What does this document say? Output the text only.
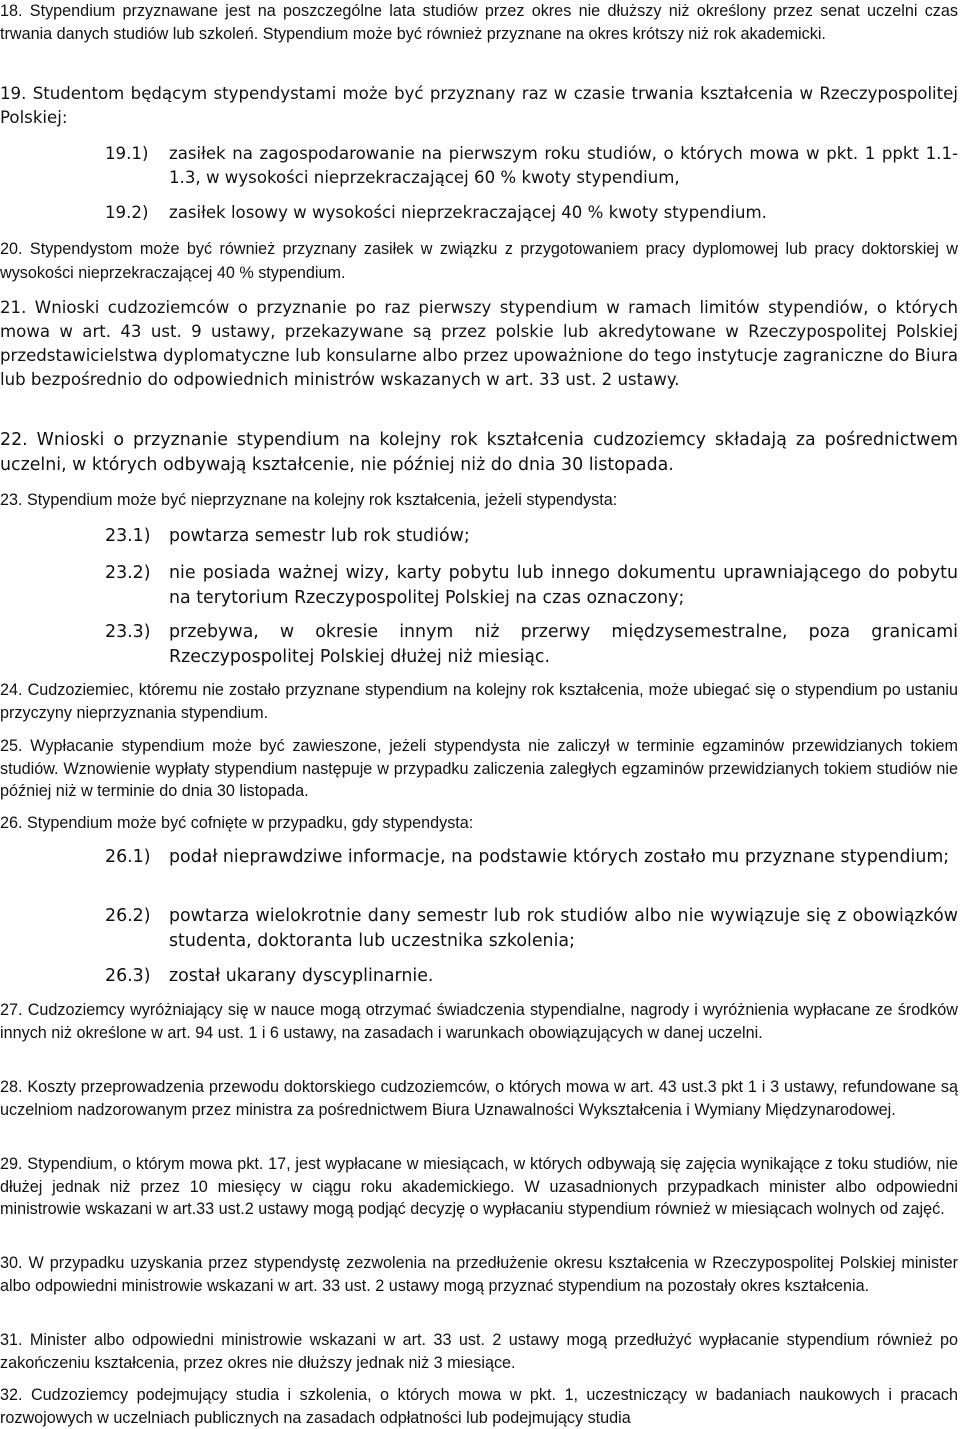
18. Stypendium przyznawane jest na poszczególne lata studiów przez okres nie dłuższy niż określony przez senat uczelni czas trwania danych studiów lub szkoleń. Stypendium może być również przyznane na okres krótszy niż rok akademicki.

19. Studentom będącym stypendystami może być przyznany raz w czasie trwania kształcenia w Rzeczypospolitej Polskiej:

19.1) zasiłek na zagospodarowanie na pierwszym roku studiów, o których mowa w pkt. 1 ppkt 1.1-1.3, w wysokości nieprzekraczającej 60 % kwoty stypendium,
19.2) zasiłek losowy w wysokości nieprzekraczającej 40 % kwoty stypendium.

20. Stypendystom może być również przyznany zasiłek w związku z przygotowaniem pracy dyplomowej lub pracy doktorskiej w wysokości nieprzekraczającej 40 % stypendium.

21. Wnioski cudzoziemców o przyznanie po raz pierwszy stypendium w ramach limitów stypendiów, o których mowa w art. 43 ust. 9 ustawy, przekazywane są przez polskie lub akredytowane w Rzeczypospolitej Polskiej przedstawicielstwa dyplomatyczne lub konsularne albo przez upoważnione do tego instytucje zagraniczne do Biura lub bezpośrednio do odpowiednich ministrów wskazanych w art. 33 ust. 2 ustawy.

22. Wnioski o przyznanie stypendium na kolejny rok kształcenia cudzoziemcy składają za pośrednictwem uczelni, w których odbywają kształcenie, nie później niż do dnia 30 listopada.

23. Stypendium może być nieprzyznane na kolejny rok kształcenia, jeżeli stypendysta:

23.1) powtarza semestr lub rok studiów;
23.2) nie posiada ważnej wizy, karty pobytu lub innego dokumentu uprawniającego do pobytu na terytorium Rzeczypospolitej Polskiej na czas oznaczony;
23.3) przebywa, w okresie innym niż przerwy międzysemestralne, poza granicami Rzeczypospolitej Polskiej dłużej niż miesiąc.

24. Cudzoziemiec, któremu nie zostało przyznane stypendium na kolejny rok kształcenia, może ubiegać się o stypendium po ustaniu przyczyny nieprzyznania stypendium.

25. Wypłacanie stypendium może być zawieszone, jeżeli stypendysta nie zaliczył w terminie egzaminów przewidzianych tokiem studiów. Wznowienie wypłaty stypendium następuje w przypadku zaliczenia zaległych egzaminów przewidzianych tokiem studiów nie później niż w terminie do dnia 30 listopada.

26. Stypendium może być cofnięte w przypadku, gdy stypendysta:

26.1) podał nieprawdziwe informacje, na podstawie których zostało mu przyznane stypendium;
26.2) powtarza wielokrotnie dany semestr lub rok studiów albo nie wywiązuje się z obowiązków studenta, doktoranta lub uczestnika szkolenia;
26.3) został ukarany dyscyplinarnie.

27. Cudzoziemcy wyróżniający się w nauce mogą otrzymać świadczenia stypendialne, nagrody i wyróżnienia wypłacane ze środków innych niż określone w art. 94 ust. 1 i 6 ustawy, na zasadach i warunkach obowiązujących w danej uczelni.

28. Koszty przeprowadzenia przewodu doktorskiego cudzoziemców, o których mowa w art. 43 ust.3 pkt 1 i 3 ustawy, refundowane są uczelniom nadzorowanym przez ministra za pośrednictwem Biura Uznawalności Wykształcenia i Wymiany Międzynarodowej.

29. Stypendium, o którym mowa pkt. 17, jest wypłacane w miesiącach, w których odbywają się zajęcia wynikające z toku studiów, nie dłużej jednak niż przez 10 miesięcy w ciągu roku akademickiego. W uzasadnionych przypadkach minister albo odpowiedni ministrowie wskazani w art.33 ust.2 ustawy mogą podjąć decyzję o wypłacaniu stypendium również w miesiącach wolnych od zajęć.

30. W przypadku uzyskania przez stypendystę zezwolenia na przedłużenie okresu kształcenia w Rzeczypospolitej Polskiej minister albo odpowiedni ministrowie wskazani w art. 33 ust. 2 ustawy mogą przyznać stypendium na pozostały okres kształcenia.

31. Minister albo odpowiedni ministrowie wskazani w art. 33 ust. 2 ustawy mogą przedłużyć wypłacanie stypendium również po zakończeniu kształcenia, przez okres nie dłuższy jednak niż 3 miesiące.

32. Cudzoziemcy podejmujący studia i szkolenia, o których mowa w pkt. 1, uczestniczący w badaniach naukowych i pracach rozwojowych w uczelniach publicznych na zasadach odpłatności lub podejmujący studia
